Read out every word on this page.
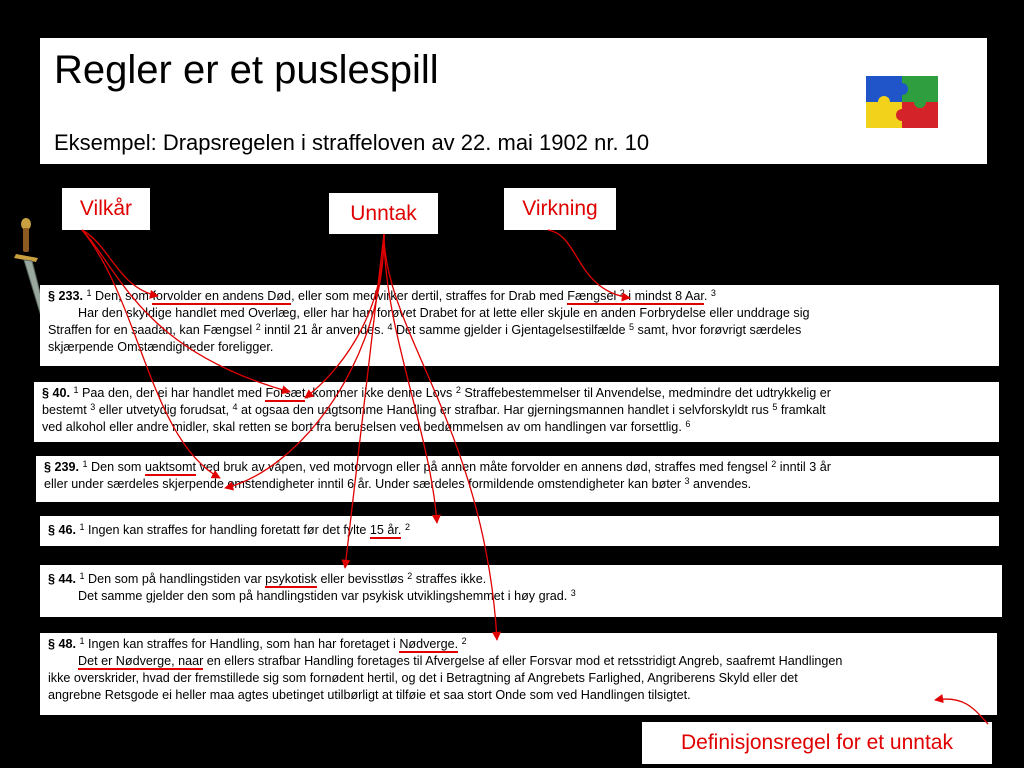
Regler er et puslespill
Eksempel: Drapsregelen i straffeloven av 22. mai 1902 nr. 10
Vilkår	Unntak	Virkning
Definisjonsregel for et unntak
§ 233. $^1$ Den, som forvolder en andens Død, eller som medvirker dertil, straffes for Drab med Fængsel $^2$ i mindst 8 Aar. $^3$
Har den skyldige handlet med Overlæg, eller har han forøvet Drabet for at lette eller skjule en anden Forbrydelse eller unddrage sig
Straffen for en saadan, kan Fængsel $^2$ inntil 21 år anvendes. $^4$ Det samme gjelder i Gjentagelsestilfælde $^5$ samt, hvor forøvrigt særdeles
skjærpende Omstændigheder foreligger.
§ 40. $^1$ Paa den, der ei har handlet med Forsæt, kommer ikke denne Lovs $^2$ Straffebestemmelser til Anvendelse, medmindre det udtrykkelig er
bestemt $^3$ eller utvetydig forudsat, $^4$ at ogsaa den uagtsomme Handling er strafbar. Har gjerningsmannen handlet i selvforskyldt rus $^5$ framkalt
ved alkohol eller andre midler, skal retten se bort fra beruselsen ved bedømmelsen av om handlingen var forsettlig. $^6$
§ 239. $^1$ Den som uaktsomt ved bruk av våpen, ved motorvogn eller på annen måte forvolder en annens død, straffes med fengsel $^2$ inntil 3 år
eller under særdeles skjerpende omstendigheter inntil 6 år. Under særdeles formildende omstendigheter kan bøter $^3$ anvendes.
§ 46. $^1$ Ingen kan straffes for handling foretatt før det fylte 15 år. $^2$
§ 44. $^1$ Den som på handlingstiden var psykotisk eller bevisstløs $^2$ straffes ikke.
Det samme gjelder den som på handlingstiden var psykisk utviklingshemmet i høy grad. $^3$
§ 48. $^1$ Ingen kan straffes for Handling, som han har foretaget i Nødverge. $^2$
Det er Nødverge, naar en ellers strafbar Handling foretages til Afvergelse af eller Forsvar mod et retsstridigt Angreb, saafremt Handlingen
ikke overskrider, hvad der fremstillede sig som fornødent hertil, og det i Betragtning af Angrebets Farlighed, Angriberens Skyld eller det
angrebne Retsgode ei heller maa agtes ubetinget utilbørligt at tilføie et saa stort Onde som ved Handlingen tilsigtet.
